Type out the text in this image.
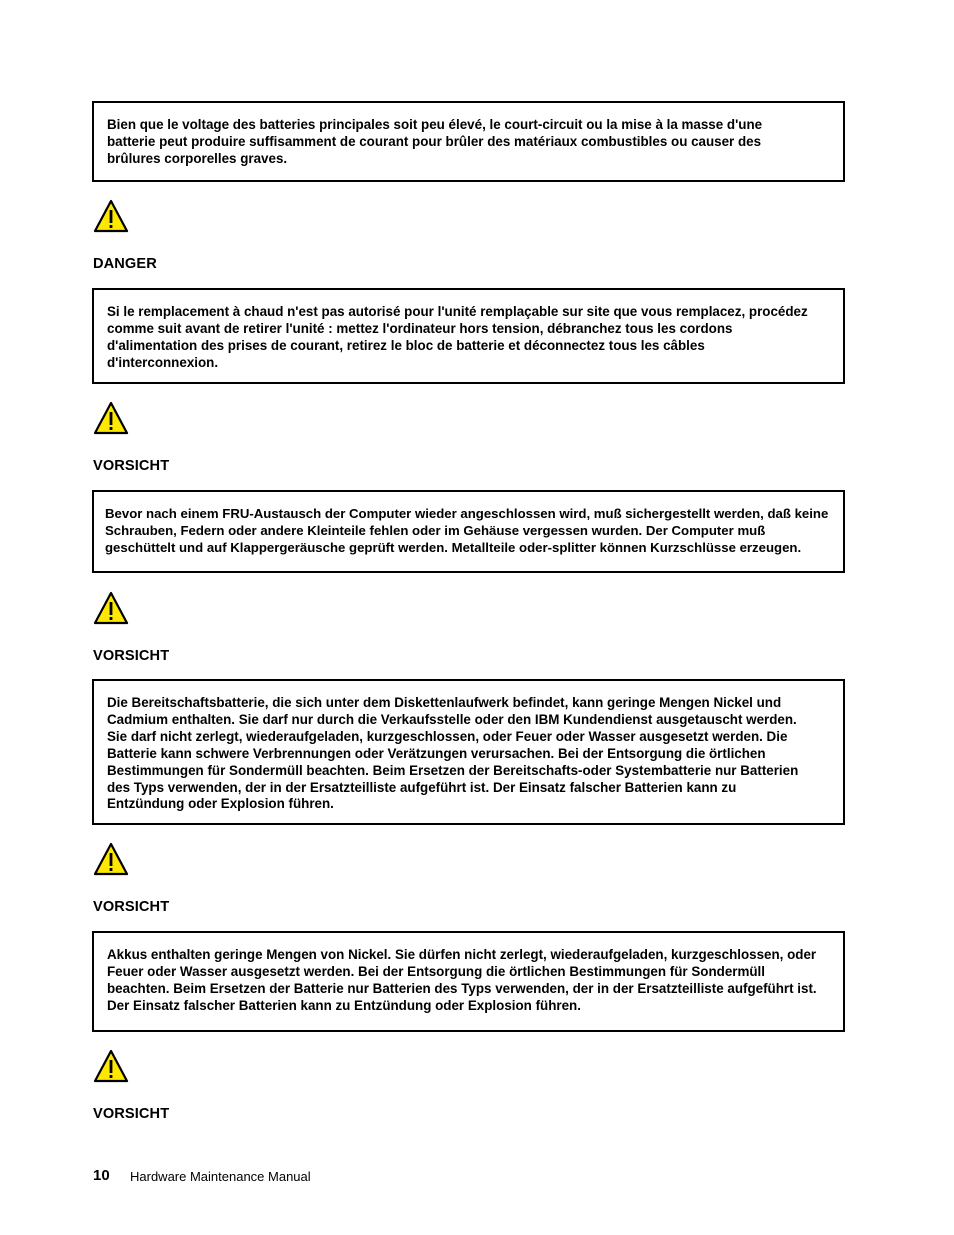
Bien que le voltage des batteries principales soit peu élevé, le court-circuit ou la mise à la masse d'une batterie peut produire suffisamment de courant pour brûler des matériaux combustibles ou causer des brûlures corporelles graves.

DANGER

Si le remplacement à chaud n'est pas autorisé pour l'unité remplaçable sur site que vous remplacez, procédez comme suit avant de retirer l'unité : mettez l'ordinateur hors tension, débranchez tous les cordons d'alimentation des prises de courant, retirez le bloc de batterie et déconnectez tous les câbles d'interconnexion.

VORSICHT

Bevor nach einem FRU-Austausch der Computer wieder angeschlossen wird, muß sichergestellt werden, daß keine Schrauben, Federn oder andere Kleinteile fehlen oder im Gehäuse vergessen wurden. Der Computer muß geschüttelt und auf Klappergeräusche geprüft werden. Metallteile oder-splitter können Kurzschlüsse erzeugen.

VORSICHT

Die Bereitschaftsbatterie, die sich unter dem Diskettenlaufwerk befindet, kann geringe Mengen Nickel und Cadmium enthalten. Sie darf nur durch die Verkaufsstelle oder den IBM Kundendienst ausgetauscht werden. Sie darf nicht zerlegt, wiederaufgeladen, kurzgeschlossen, oder Feuer oder Wasser ausgesetzt werden. Die Batterie kann schwere Verbrennungen oder Verätzungen verursachen. Bei der Entsorgung die örtlichen Bestimmungen für Sondermüll beachten. Beim Ersetzen der Bereitschafts-oder Systembatterie nur Batterien des Typs verwenden, der in der Ersatzteilliste aufgeführt ist. Der Einsatz falscher Batterien kann zu Entzündung oder Explosion führen.

VORSICHT

Akkus enthalten geringe Mengen von Nickel. Sie dürfen nicht zerlegt, wiederaufgeladen, kurzgeschlossen, oder Feuer oder Wasser ausgesetzt werden. Bei der Entsorgung die örtlichen Bestimmungen für Sondermüll beachten. Beim Ersetzen der Batterie nur Batterien des Typs verwenden, der in der Ersatzteilliste aufgeführt ist. Der Einsatz falscher Batterien kann zu Entzündung oder Explosion führen.

VORSICHT
10 Hardware Maintenance Manual
